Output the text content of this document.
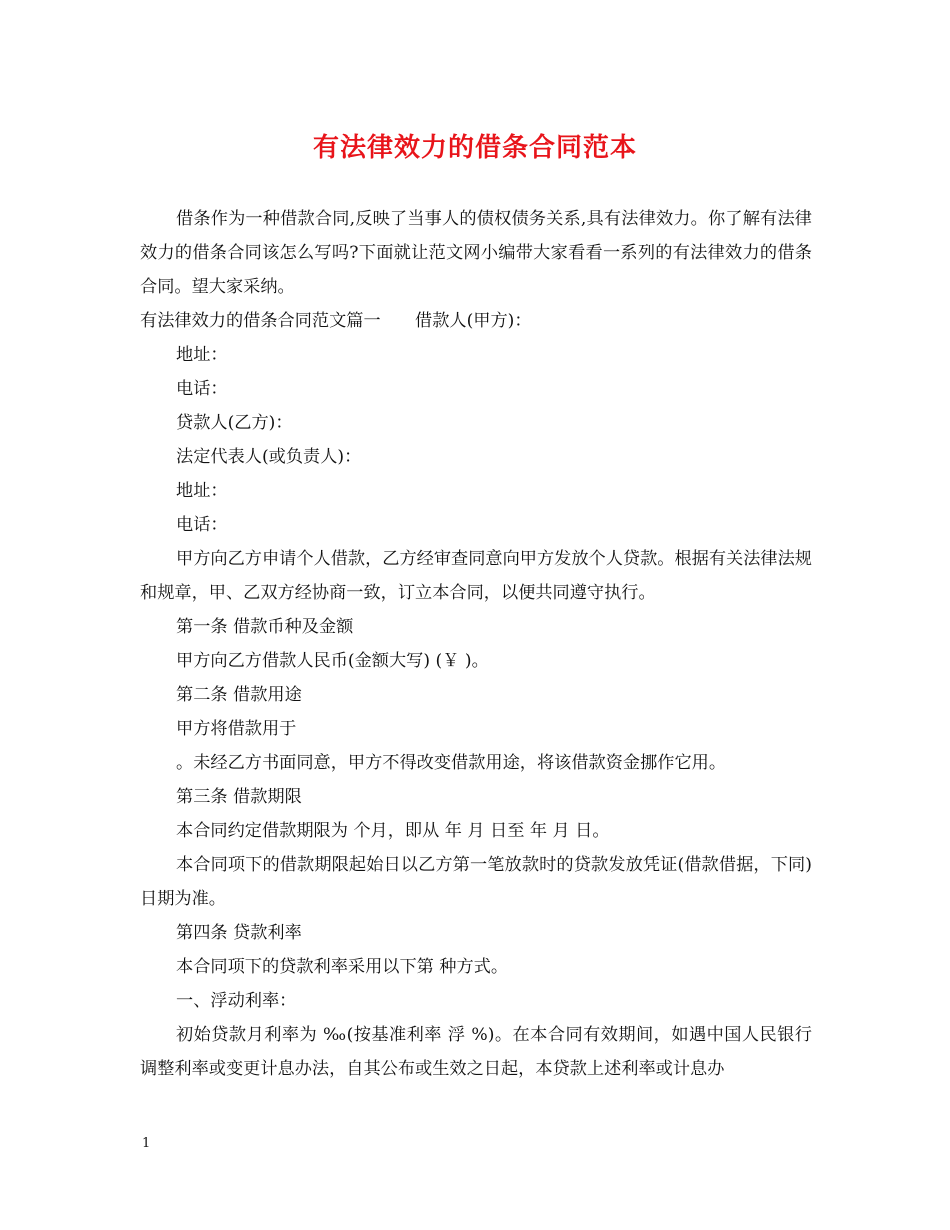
有法律效力的借条合同范本

借条作为一种借款合同,反映了当事人的债权债务关系,具有法律效力。你了解有法律效力的借条合同该怎么写吗?下面就让范文网小编带大家看看一系列的有法律效力的借条合同。望大家采纳。

有法律效力的借条合同范文篇一　　借款人(甲方)：

地址：

电话：

贷款人(乙方)：

法定代表人(或负责人)：

地址：

电话：

甲方向乙方申请个人借款，乙方经审查同意向甲方发放个人贷款。根据有关法律法规和规章，甲、乙双方经协商一致，订立本合同，以便共同遵守执行。

第一条 借款币种及金额

甲方向乙方借款人民币(金额大写) (￥ )。

第二条 借款用途

甲方将借款用于

。未经乙方书面同意，甲方不得改变借款用途，将该借款资金挪作它用。

第三条 借款期限

本合同约定借款期限为 个月，即从 年 月 日至 年 月 日。

本合同项下的借款期限起始日以乙方第一笔放款时的贷款发放凭证(借款借据，下同)日期为准。

第四条 贷款利率

本合同项下的贷款利率采用以下第 种方式。

一、浮动利率：

初始贷款月利率为 ‰(按基准利率 浮 %)。在本合同有效期间，如遇中国人民银行调整利率或变更计息办法，自其公布或生效之日起，本贷款上述利率或计息办

1
